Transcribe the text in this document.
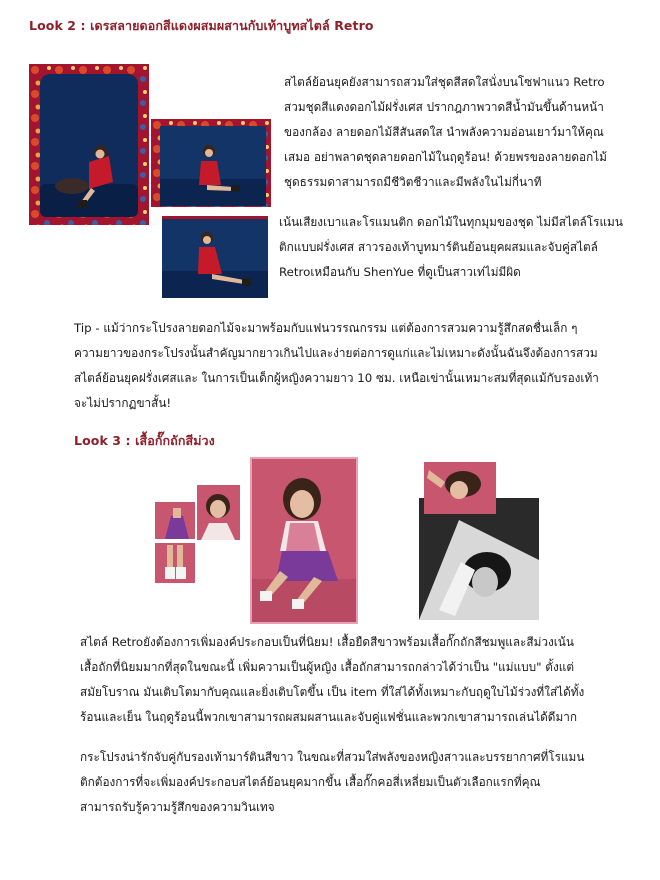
Look 2 : เดรสลายดอกสีแดงผสมผสานกับเท้าบูทสไตล์ Retro
สไตล์ย้อนยุคยังสามารถสวมใส่ชุดสีสดใสนั่งบนโซฟาแนว Retro
สวมชุดสีแดงดอกไม้ฝรั่งเศส ปรากฎภาพวาดสีน้ำมันขึ้นด้านหน้า
ของกล้อง ลายดอกไม้สีสันสดใส นำพลังความอ่อนเยาว์มาให้คุณ
เสมอ อย่าพลาดชุดลายดอกไม้ในฤดูร้อน! ด้วยพรของลายดอกไม้
ชุดธรรมดาสามารถมีชีวิตชีวาและมีพลังในไม่กี่นาที
เน้นเสียงเบาและโรแมนติก ดอกไม้ในทุกมุมของชุด ไม่มีสไตล์โรแมน
ติกแบบฝรั่งเศส สาวรองเท้าบูทมาร์ตินย้อนยุคผสมและจับคู่สไตล์
Retroเหมือนกับ ShenYue ที่ดูเป็นสาวเท่ไม่มีผิด
Tip - แม้ว่ากระโปรงลายดอกไม้จะมาพร้อมกับแฟนวรรณกรรม แต่ต้องการสวมความรู้สึกสดชื่นเล็ก ๆ
ความยาวของกระโปรงนั้นสำคัญมากยาวเกินไปและง่ายต่อการดูแก่และไม่เหมาะดังนั้นฉันจึงต้องการสวม
สไตล์ย้อนยุคฝรั่งเศสและ ในการเป็นเด็กผู้หญิงความยาว 10 ซม. เหนือเข่านั้นเหมาะสมที่สุดแม้กับรองเท้า
จะไม่ปรากฏขาสั้น!
Look 3 : เสื้อกั๊กถักสีม่วง
สไตล์ Retroยังต้องการเพิ่มองค์ประกอบเป็นที่นิยม! เสื้อยืดสีขาวพร้อมเสื้อกั๊กถักสีชมพูและสีม่วงเน้น
เสื้อถักที่นิยมมากที่สุดในขณะนี้ เพิ่มความเป็นผู้หญิง เสื้อถักสามารถกล่าวได้ว่าเป็น "แม่แบบ" ตั้งแต่
สมัยโบราณ มันเติบโตมากับคุณและยิ่งเติบโตขึ้น เป็น item ที่ใส่ได้ทั้งเหมาะกับฤดูใบไม้ร่วงที่ใส่ได้ทั้ง
ร้อนและเย็น ในฤดูร้อนนี้พวกเขาสามารถผสมผสานและจับคู่แฟชั่นและพวกเขาสามารถเล่นได้ดีมาก
กระโปรงน่ารักจับคู่กับรองเท้ามาร์ตินสีขาว ในขณะที่สวมใส่พลังของหญิงสาวและบรรยากาศที่โรแมน
ติกต้องการที่จะเพิ่มองค์ประกอบสไตล์ย้อนยุคมากขึ้น เสื้อกั๊กคอสี่เหลี่ยมเป็นตัวเลือกแรกที่คุณ
สามารถรับรู้ความรู้สึกของความวินเทจ
